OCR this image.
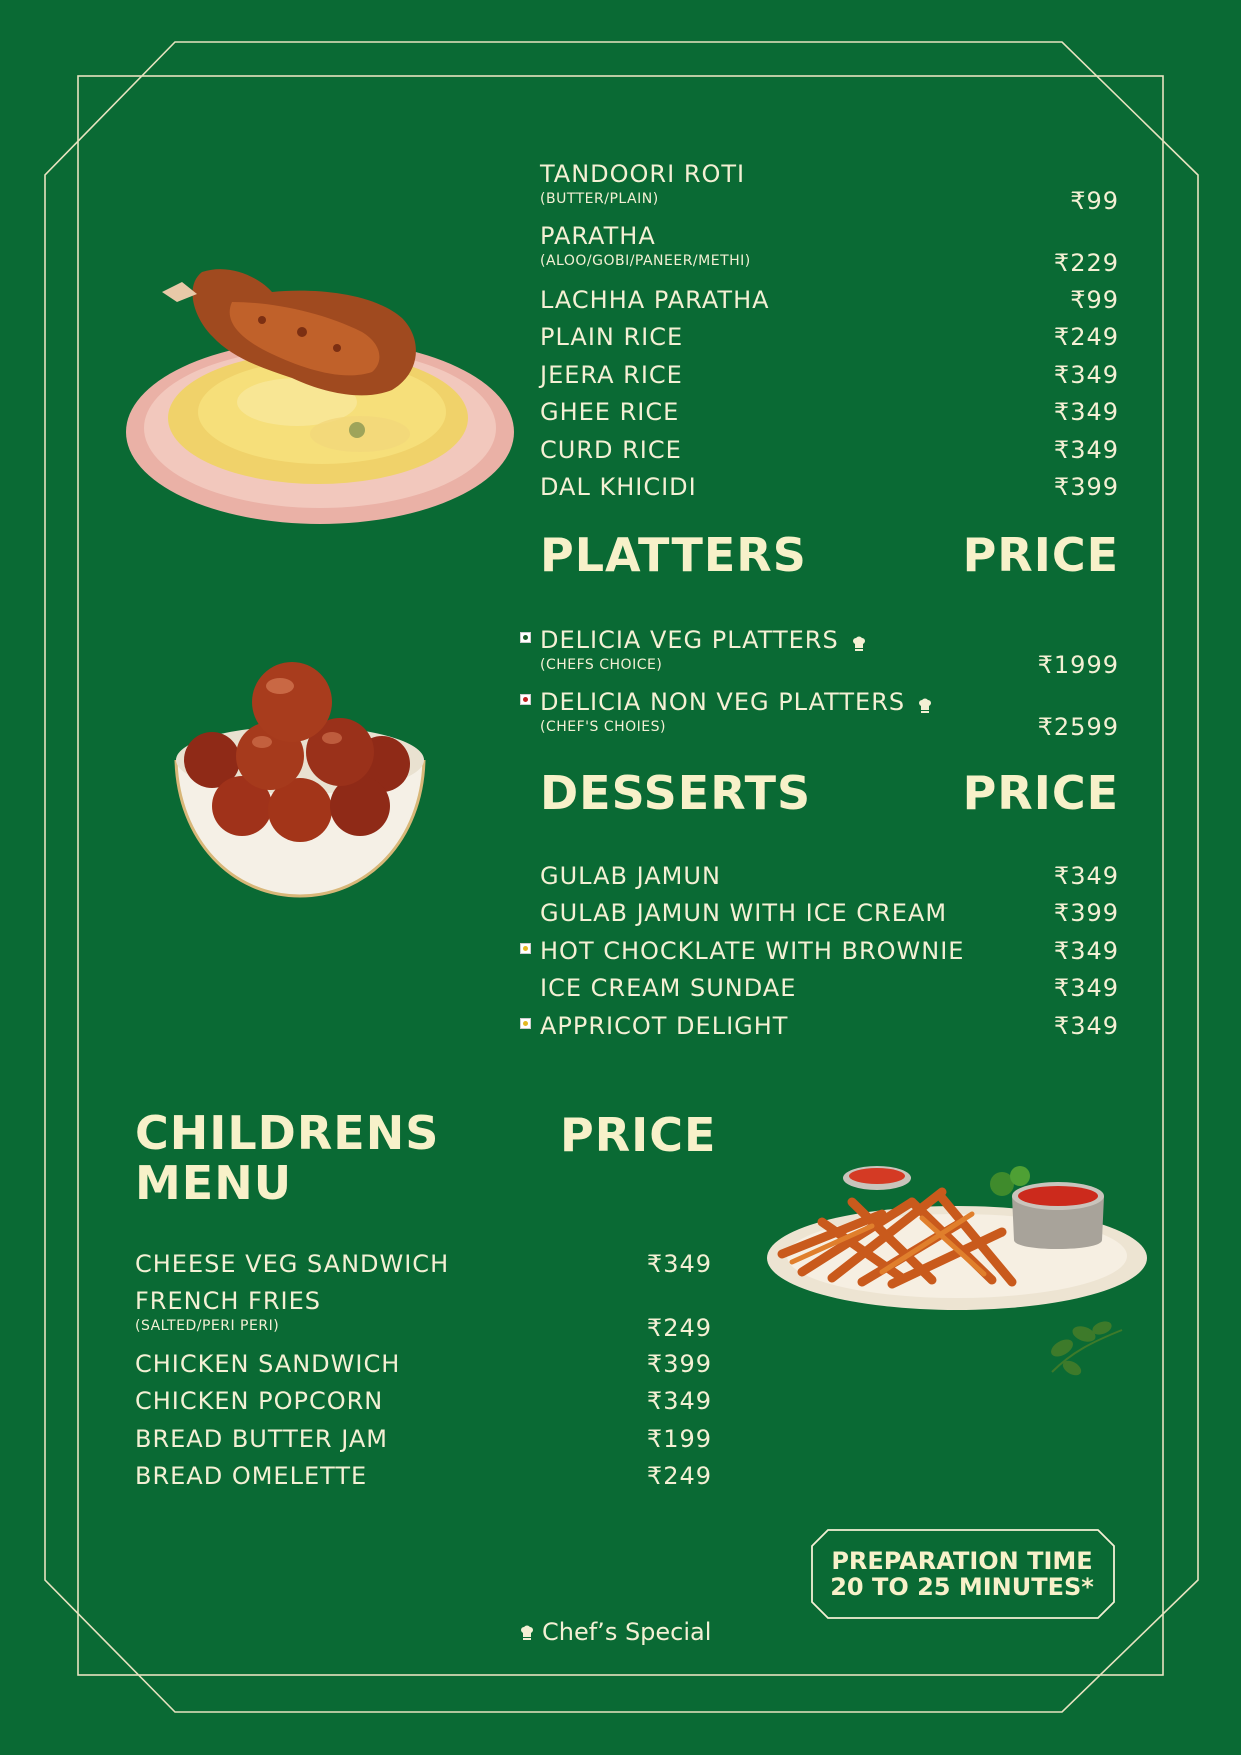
TANDOORI ROTI
(BUTTER/PLAIN)	₹99
PARATHA
(ALOO/GOBI/PANEER/METHI)	₹229
LACHHA PARATHA	₹99
PLAIN RICE	₹249
JEERA RICE	₹349
GHEE RICE	₹349
CURD RICE	₹349
DAL KHICIDI	₹399
PLATTERS	PRICE
DELICIA VEG PLATTERS
(CHEFS CHOICE)	₹1999
DELICIA NON VEG PLATTERS
(CHEF'S CHOIES)	₹2599
DESSERTS	PRICE
GULAB JAMUN	₹349
GULAB JAMUN WITH ICE CREAM	₹399
HOT CHOCKLATE WITH BROWNIE	₹349
ICE CREAM SUNDAE	₹349
APPRICOT DELIGHT	₹349
CHILDRENS
MENU
PRICE
CHEESE VEG SANDWICH	₹349
FRENCH FRIES
(SALTED/PERI PERI)	₹249
CHICKEN SANDWICH	₹399
CHICKEN POPCORN	₹349
BREAD BUTTER JAM	₹199
BREAD OMELETTE	₹249
PREPARATION TIME
20 TO 25 MINUTES*
Chef’s Special
